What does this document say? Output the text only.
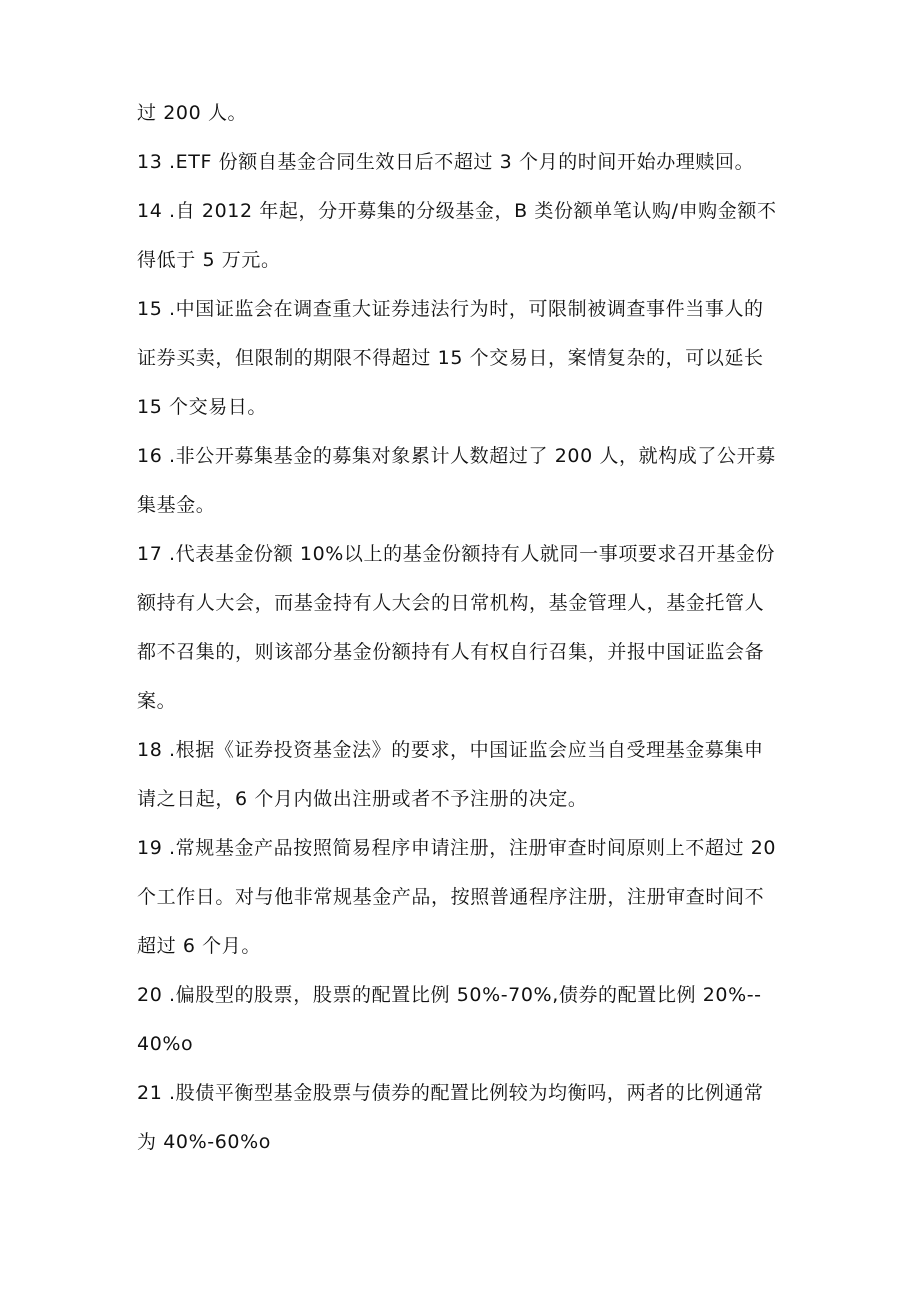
过 200 人。
13 .ETF 份额自基金合同生效日后不超过 3 个月的时间开始办理赎回。
14 .自 2012 年起，分开募集的分级基金，B 类份额单笔认购/申购金额不
得低于 5 万元。
15 .中国证监会在调查重大证券违法行为时，可限制被调查事件当事人的
证券买卖，但限制的期限不得超过 15 个交易日，案情复杂的，可以延长
15 个交易日。
16 .非公开募集基金的募集对象累计人数超过了 200 人，就构成了公开募
集基金。
17 .代表基金份额 10%以上的基金份额持有人就同一事项要求召开基金份
额持有人大会，而基金持有人大会的日常机构，基金管理人，基金托管人
都不召集的，则该部分基金份额持有人有权自行召集，并报中国证监会备
案。
18 .根据《证券投资基金法》的要求，中国证监会应当自受理基金募集申
请之日起，6 个月内做出注册或者不予注册的决定。
19 .常规基金产品按照简易程序申请注册，注册审查时间原则上不超过 20
个工作日。对与他非常规基金产品，按照普通程序注册，注册审查时间不
超过 6 个月。
20 .偏股型的股票，股票的配置比例 50%-70%,债券的配置比例 20%--
40%o
21 .股债平衡型基金股票与债券的配置比例较为均衡吗，两者的比例通常
为 40%-60%o
